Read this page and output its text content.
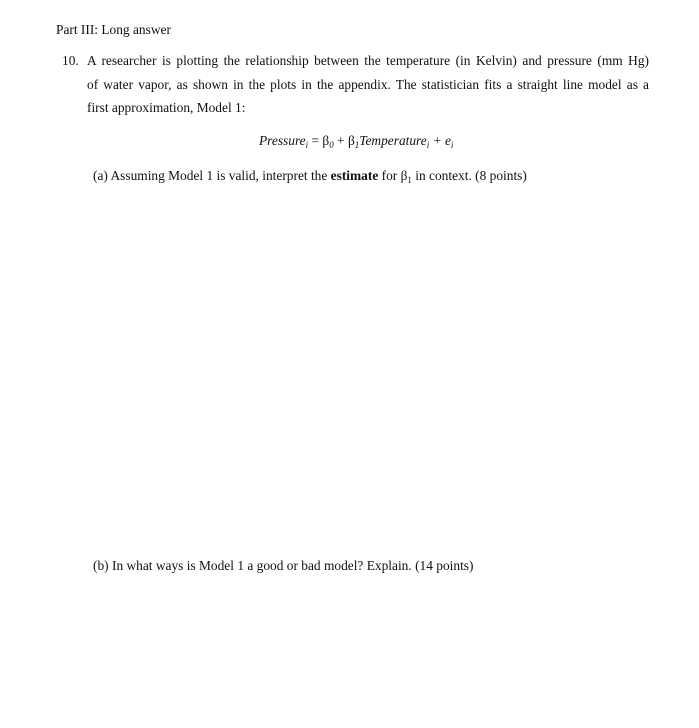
Part III: Long answer
10. A researcher is plotting the relationship between the temperature (in Kelvin) and pressure (mm Hg)
of water vapor, as shown in the plots in the appendix. The statistician fits a straight line model as a
first approximation, Model 1:
Pressure$_i$ = $\beta_0$ + $\beta_1Temperature_i + e_i$
(a) Assuming Model 1 is valid, interpret the estimate for $\beta_1$ in context. (8 points)
(b) In what ways is Model 1 a good or bad model? Explain. (14 points)
